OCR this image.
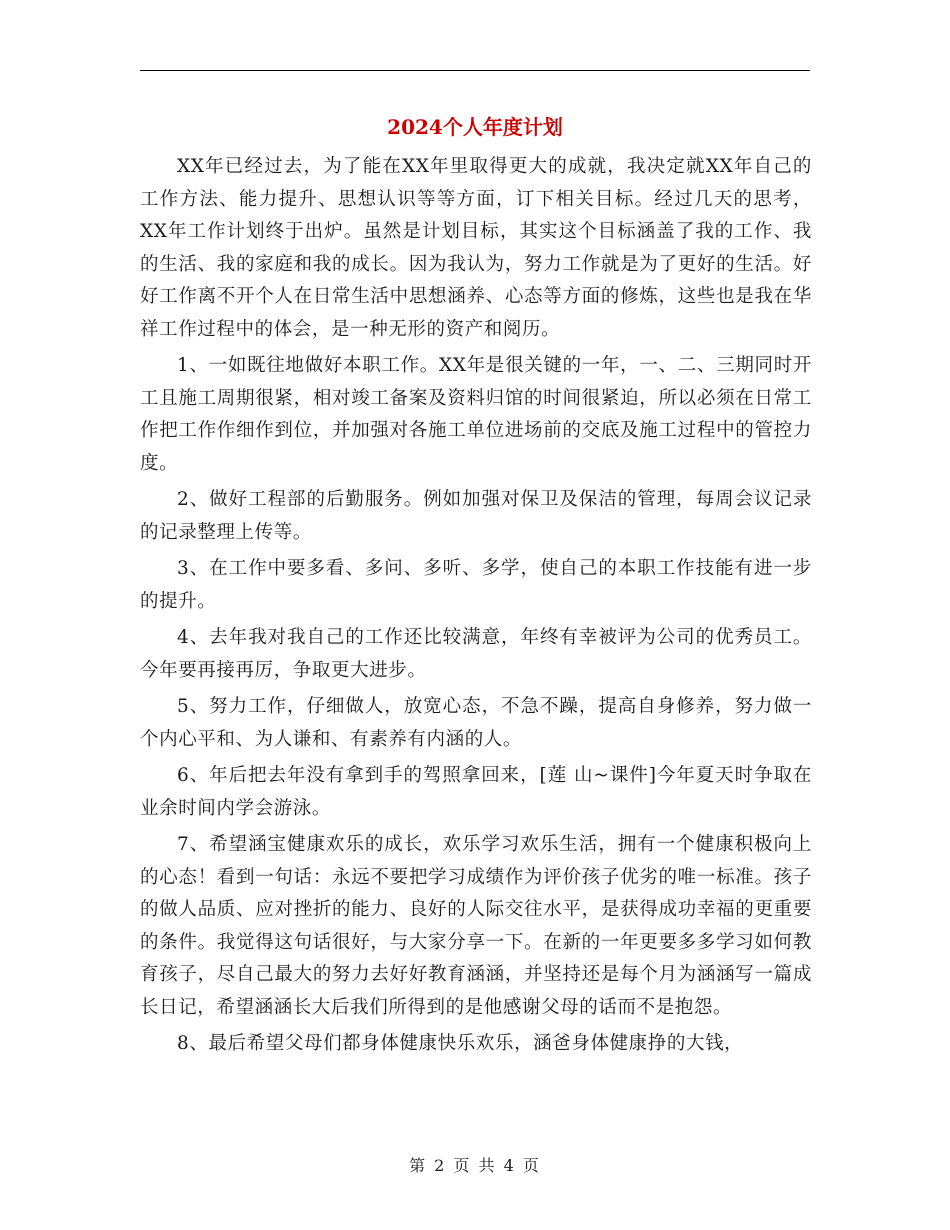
2024个人年度计划

XX年已经过去，为了能在XX年里取得更大的成就，我决定就XX年自己的工作方法、能力提升、思想认识等等方面，订下相关目标。经过几天的思考，XX年工作计划终于出炉。虽然是计划目标，其实这个目标涵盖了我的工作、我的生活、我的家庭和我的成长。因为我认为，努力工作就是为了更好的生活。好好工作离不开个人在日常生活中思想涵养、心态等方面的修炼，这些也是我在华祥工作过程中的体会，是一种无形的资产和阅历。

1、一如既往地做好本职工作。XX年是很关键的一年，一、二、三期同时开工且施工周期很紧，相对竣工备案及资料归馆的时间很紧迫，所以必须在日常工作把工作作细作到位，并加强对各施工单位进场前的交底及施工过程中的管控力度。

2、做好工程部的后勤服务。例如加强对保卫及保洁的管理，每周会议记录的记录整理上传等。

3、在工作中要多看、多问、多听、多学，使自己的本职工作技能有进一步的提升。

4、去年我对我自己的工作还比较满意，年终有幸被评为公司的优秀员工。今年要再接再厉，争取更大进步。

5、努力工作，仔细做人，放宽心态，不急不躁，提高自身修养，努力做一个内心平和、为人谦和、有素养有内涵的人。

6、年后把去年没有拿到手的驾照拿回来，[莲 山~课件]今年夏天时争取在业余时间内学会游泳。

7、希望涵宝健康欢乐的成长，欢乐学习欢乐生活，拥有一个健康积极向上的心态！看到一句话：永远不要把学习成绩作为评价孩子优劣的唯一标准。孩子的做人品质、应对挫折的能力、良好的人际交往水平，是获得成功幸福的更重要的条件。我觉得这句话很好，与大家分享一下。在新的一年更要多多学习如何教育孩子，尽自己最大的努力去好好教育涵涵，并坚持还是每个月为涵涵写一篇成长日记，希望涵涵长大后我们所得到的是他感谢父母的话而不是抱怨。

8、最后希望父母们都身体健康快乐欢乐，涵爸身体健康挣的大钱，

第 2 页 共 4 页
